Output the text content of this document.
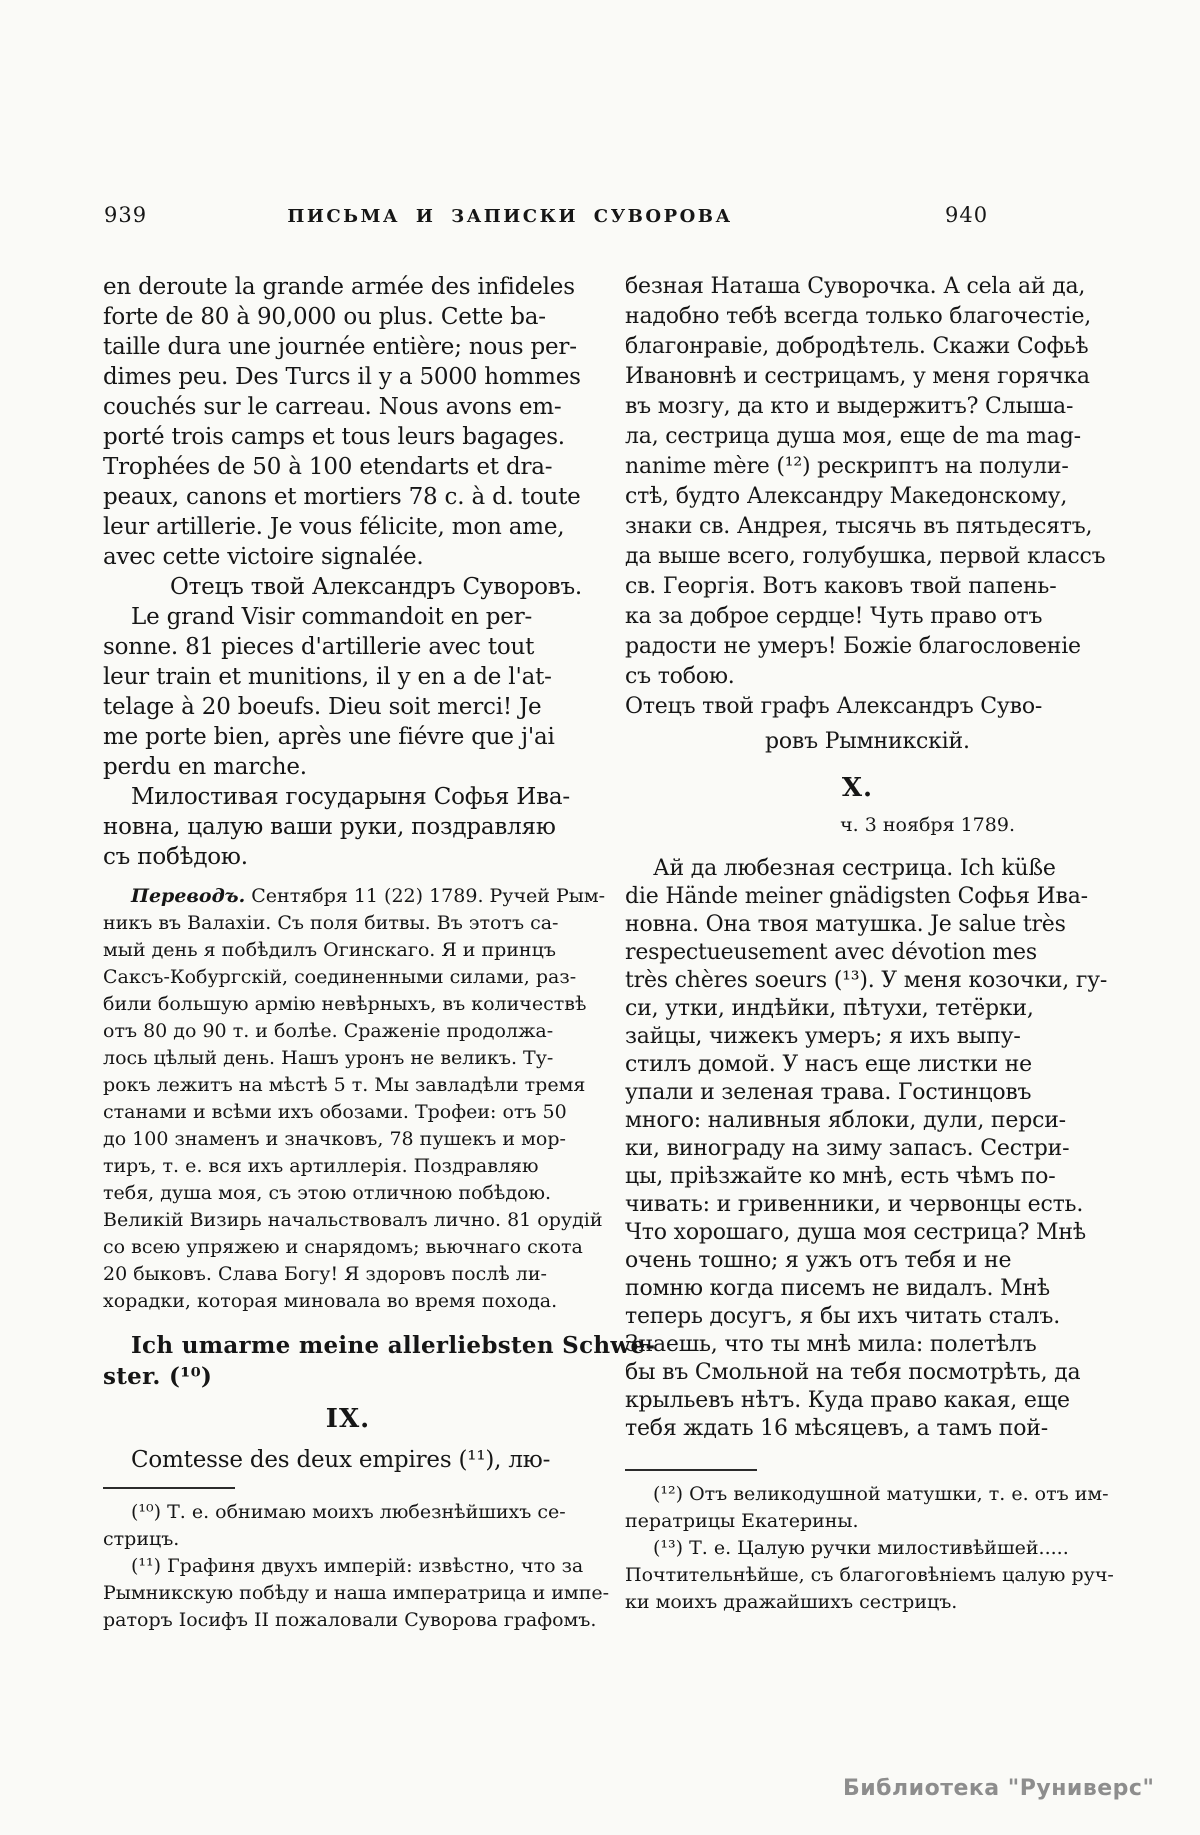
939	ПИСЬМА И ЗАПИСКИ СУВОРОВА	940
en deroute la grande armée des infideles
forte de 80 à 90,000 ou plus. Cette ba-
taille dura une journée entière; nous per-
dimes peu. Des Turcs il y a 5000 hommes
couchés sur le carreau. Nous avons em-
porté trois camps et tous leurs bagages.
Trophées de 50 à 100 etendarts et dra-
peaux, canons et mortiers 78 c. à d. toute
leur artillerie. Je vous félicite, mon ame,
avec cette victoire signalée.
Отецъ твой Александръ Суворовъ.
Le grand Visir commandoit en per-
sonne. 81 pieces d'artillerie avec tout
leur train et munitions, il y en a de l'at-
telage à 20 boeufs. Dieu soit merci! Je
me porte bien, après une fiévre que j'ai
perdu en marche.
Милостивая государыня Софья Ива-
новна, цалую ваши руки, поздравляю
съ побѣдою.
Переводъ. Сентября 11 (22) 1789. Ручей Рым-
никъ въ Валахіи. Съ поля битвы. Въ этотъ са-
мый день я побѣдилъ Огинскаго. Я и принцъ
Саксъ-Кобургскій, соединенными силами, раз-
били большую армію невѣрныхъ, въ количествѣ
отъ 80 до 90 т. и болѣе. Сраженіе продолжа-
лось цѣлый день. Нашъ уронъ не великъ. Ту-
рокъ лежитъ на мѣстѣ 5 т. Мы завладѣли тремя
станами и всѣми ихъ обозами. Трофеи: отъ 50
до 100 знаменъ и значковъ, 78 пушекъ и мор-
тиръ, т. е. вся ихъ артиллерія. Поздравляю
тебя, душа моя, съ этою отличною побѣдою.
Великій Визирь начальствовалъ лично. 81 орудій
со всею упряжею и снарядомъ; вьючнаго скота
20 быковъ. Слава Богу! Я здоровъ послѣ ли-
хорадки, которая миновала во время похода.
Ich umarme meine allerliebsten Schwe-
ster. (¹⁰)
IX.
Comtesse des deux empires (¹¹), лю-
(¹⁰) Т. е. обнимаю моихъ любезнѣйшихъ се-
стрицъ.
(¹¹) Графиня двухъ имперій: извѣстно, что за
Рымникскую побѣду и наша императрица и импе-
раторъ Іосифъ II пожаловали Суворова графомъ.
безная Наташа Суворочка. А cela ай да,
надобно тебѣ всегда только благочестіе,
благонравіе, добродѣтель. Скажи Софьѣ
Ивановнѣ и сестрицамъ, у меня горячка
въ мозгу, да кто и выдержитъ? Слыша-
ла, сестрица душа моя, еще de ma mag-
nanime mère (¹²) рескриптъ на полули-
стѣ, будто Александру Македонскому,
знаки св. Андрея, тысячь въ пятьдесятъ,
да выше всего, голубушка, первой классъ
св. Георгія. Вотъ каковъ твой папень-
ка за доброе сердце! Чуть право отъ
радости не умеръ! Божіе благословеніе
съ тобою.
Отецъ твой графъ Александръ Суво-
ровъ Рымникскій.
X.
ч. 3 ноября 1789.
Ай да любезная сестрица. Ich küße
die Hände meiner gnädigsten Софья Ива-
новна. Она твоя матушка. Je salue très
respectueusement avec dévotion mes
très chères soeurs (¹³). У меня козочки, гу-
си, утки, индѣйки, пѣтухи, тетёрки,
зайцы, чижекъ умеръ; я ихъ выпу-
стилъ домой. У насъ еще листки не
упали и зеленая трава. Гостинцовъ
много: наливныя яблоки, дули, перси-
ки, винограду на зиму запасъ. Сестри-
цы, пріѣзжайте ко мнѣ, есть чѣмъ по-
чивать: и гривенники, и червонцы есть.
Что хорошаго, душа моя сестрица? Мнѣ
очень тошно; я ужъ отъ тебя и не
помню когда писемъ не видалъ. Мнѣ
теперь досугъ, я бы ихъ читать сталъ.
Знаешь, что ты мнѣ мила: полетѣлъ
бы въ Смольной на тебя посмотрѣть, да
крыльевъ нѣтъ. Куда право какая, еще
тебя ждать 16 мѣсяцевъ, а тамъ пой-
(¹²) Отъ великодушной матушки, т. е. отъ им-
ператрицы Екатерины.
(¹³) Т. е. Цалую ручки милостивѣйшей.....
Почтительнѣйше, съ благоговѣніемъ цалую руч-
ки моихъ дражайшихъ сестрицъ.
Библиотека "Руниверс"
